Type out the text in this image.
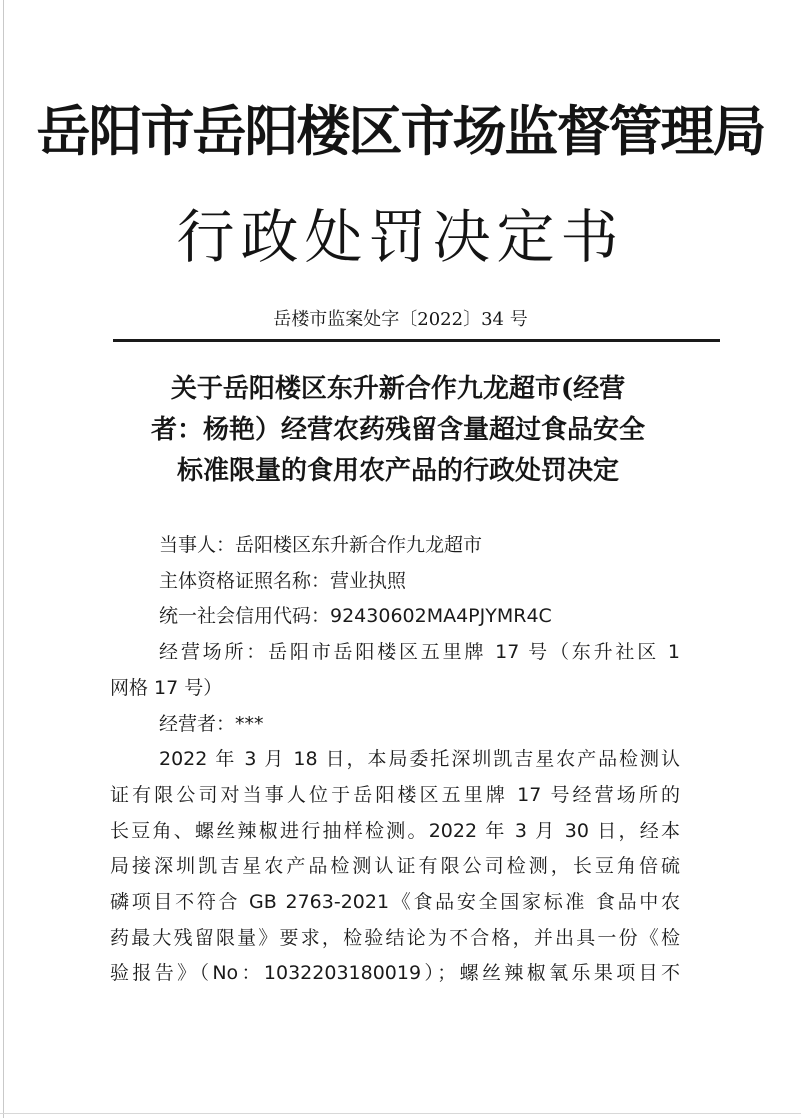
岳阳市岳阳楼区市场监督管理局
行政处罚决定书
岳楼市监案处字〔2022〕34 号
关于岳阳楼区东升新合作九龙超市(经营
者：杨艳）经营农药残留含量超过食品安全
标准限量的食用农产品的行政处罚决定
当事人：岳阳楼区东升新合作九龙超市
主体资格证照名称：营业执照
统一社会信用代码：92430602MA4PJYMR4C
经营场所：岳阳市岳阳楼区五里牌 17 号（东升社区 1
网格 17 号）
经营者：***
2022 年 3 月 18 日，本局委托深圳凯吉星农产品检测认
证有限公司对当事人位于岳阳楼区五里牌 17 号经营场所的
长豆角、螺丝辣椒进行抽样检测。2022 年 3 月 30 日，经本
局接深圳凯吉星农产品检测认证有限公司检测，长豆角倍硫
磷项目不符合 GB 2763-2021《食品安全国家标准 食品中农
药最大残留限量》要求，检验结论为不合格，并出具一份《检
验报告》（No：1032203180019）；螺丝辣椒氧乐果项目不
